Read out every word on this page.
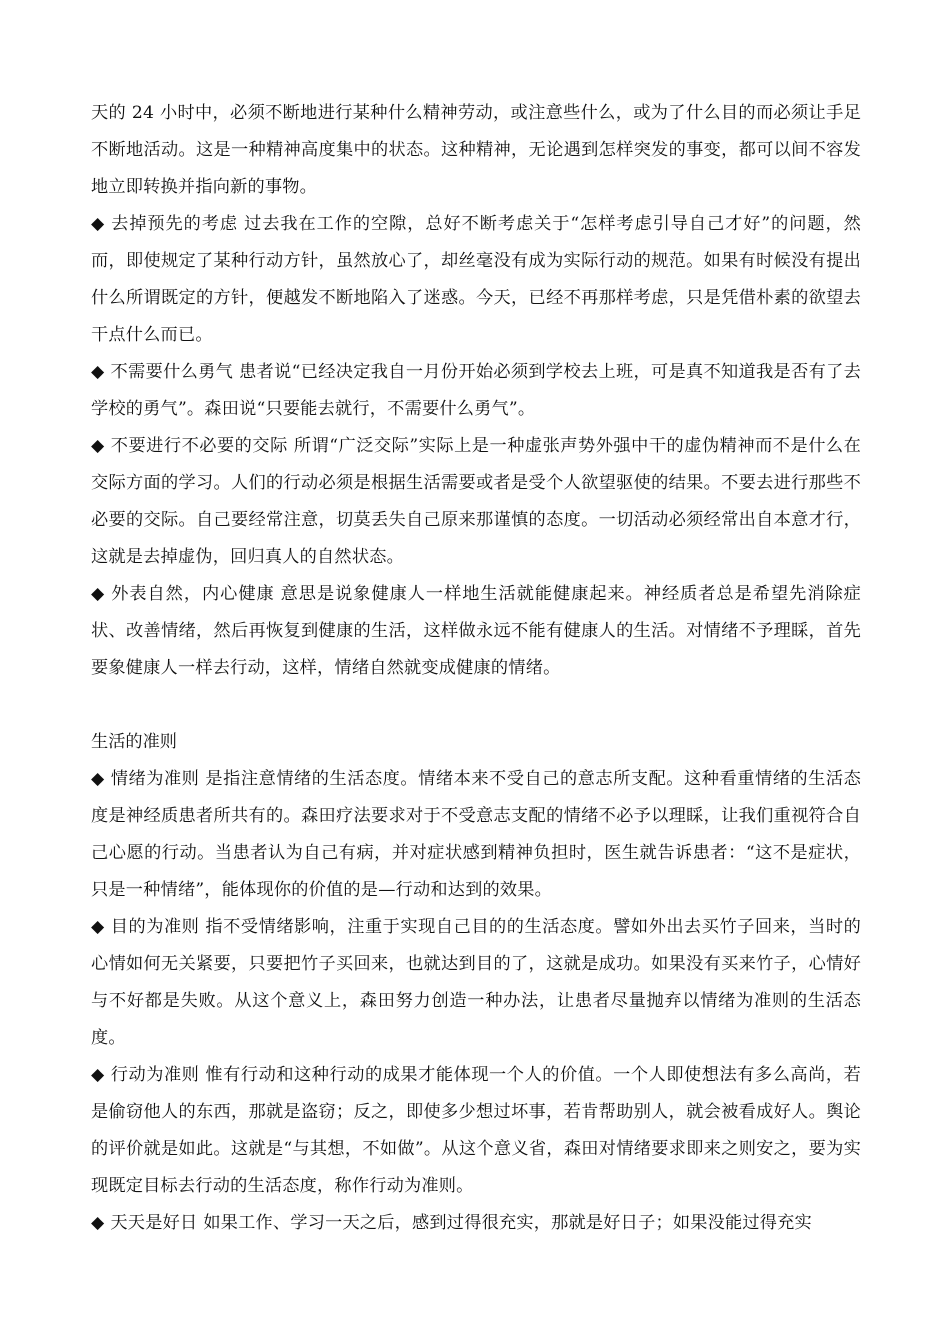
天的 24 小时中，必须不断地进行某种什么精神劳动，或注意些什么，或为了什么目的而必须让手足不断地活动。这是一种精神高度集中的状态。这种精神，无论遇到怎样突发的事变，都可以间不容发地立即转换并指向新的事物。

◆ 去掉预先的考虑 过去我在工作的空隙，总好不断考虑关于“怎样考虑引导自己才好”的问题，然而，即使规定了某种行动方针，虽然放心了，却丝毫没有成为实际行动的规范。如果有时候没有提出什么所谓既定的方针，便越发不断地陷入了迷惑。今天，已经不再那样考虑，只是凭借朴素的欲望去干点什么而已。

◆ 不需要什么勇气 患者说“已经决定我自一月份开始必须到学校去上班，可是真不知道我是否有了去学校的勇气”。森田说“只要能去就行，不需要什么勇气”。

◆ 不要进行不必要的交际 所谓“广泛交际”实际上是一种虚张声势外强中干的虚伪精神而不是什么在交际方面的学习。人们的行动必须是根据生活需要或者是受个人欲望驱使的结果。不要去进行那些不必要的交际。自己要经常注意，切莫丢失自己原来那谨慎的态度。一切活动必须经常出自本意才行，这就是去掉虚伪，回归真人的自然状态。

◆ 外表自然，内心健康 意思是说象健康人一样地生活就能健康起来。神经质者总是希望先消除症状、改善情绪，然后再恢复到健康的生活，这样做永远不能有健康人的生活。对情绪不予理睬，首先要象健康人一样去行动，这样，情绪自然就变成健康的情绪。

生活的准则

◆ 情绪为准则 是指注意情绪的生活态度。情绪本来不受自己的意志所支配。这种看重情绪的生活态度是神经质患者所共有的。森田疗法要求对于不受意志支配的情绪不必予以理睬，让我们重视符合自己心愿的行动。当患者认为自己有病，并对症状感到精神负担时，医生就告诉患者：“这不是症状，只是一种情绪”，能体现你的价值的是—行动和达到的效果。

◆ 目的为准则 指不受情绪影响，注重于实现自己目的的生活态度。譬如外出去买竹子回来，当时的心情如何无关紧要，只要把竹子买回来，也就达到目的了，这就是成功。如果没有买来竹子，心情好与不好都是失败。从这个意义上，森田努力创造一种办法，让患者尽量抛弃以情绪为准则的生活态度。

◆ 行动为准则 惟有行动和这种行动的成果才能体现一个人的价值。一个人即使想法有多么高尚，若是偷窃他人的东西，那就是盗窃；反之，即使多少想过坏事，若肯帮助别人，就会被看成好人。舆论的评价就是如此。这就是“与其想，不如做”。从这个意义省，森田对情绪要求即来之则安之，要为实现既定目标去行动的生活态度，称作行动为准则。

◆ 天天是好日 如果工作、学习一天之后，感到过得很充实，那就是好日子；如果没能过得充实
